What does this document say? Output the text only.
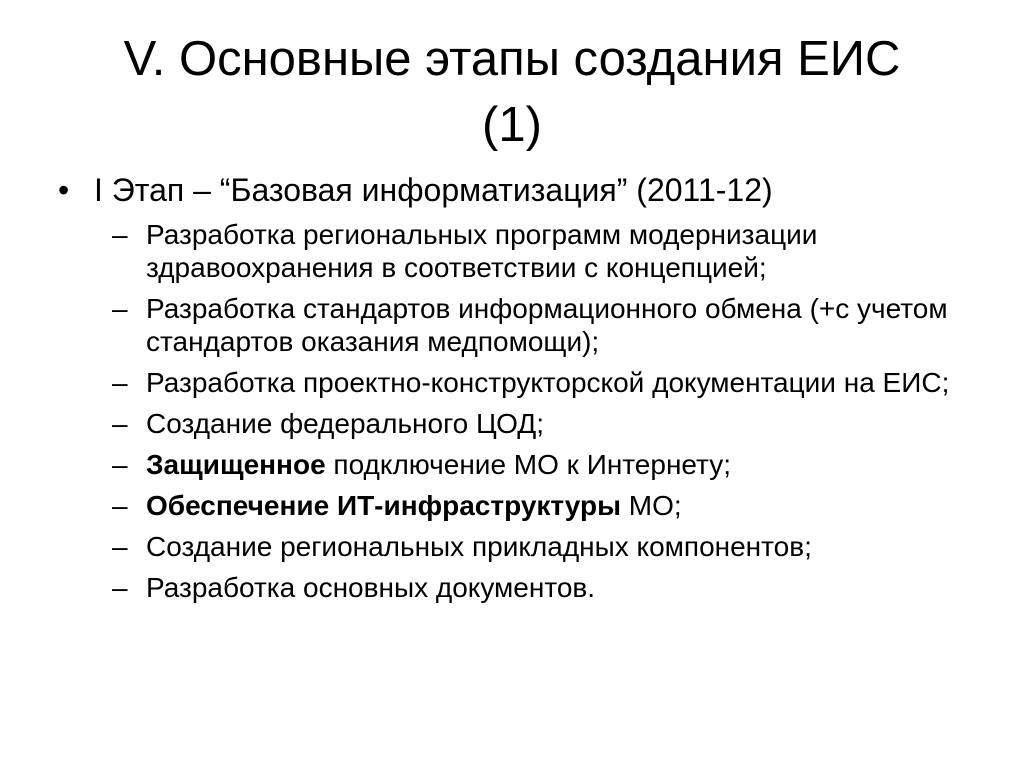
V. Основные этапы создания ЕИС
(1)
• I Этап – “Базовая информатизация” (2011-12)
– Разработка региональных программ модернизации здравоохранения в соответствии с концепцией;
– Разработка стандартов информационного обмена (+с учетом стандартов оказания медпомощи);
– Разработка проектно-конструкторской документации на ЕИС;
– Создание федерального ЦОД;
– Защищенное подключение МО к Интернету;
– Обеспечение ИТ-инфраструктуры МО;
– Создание региональных прикладных компонентов;
– Разработка основных документов.
